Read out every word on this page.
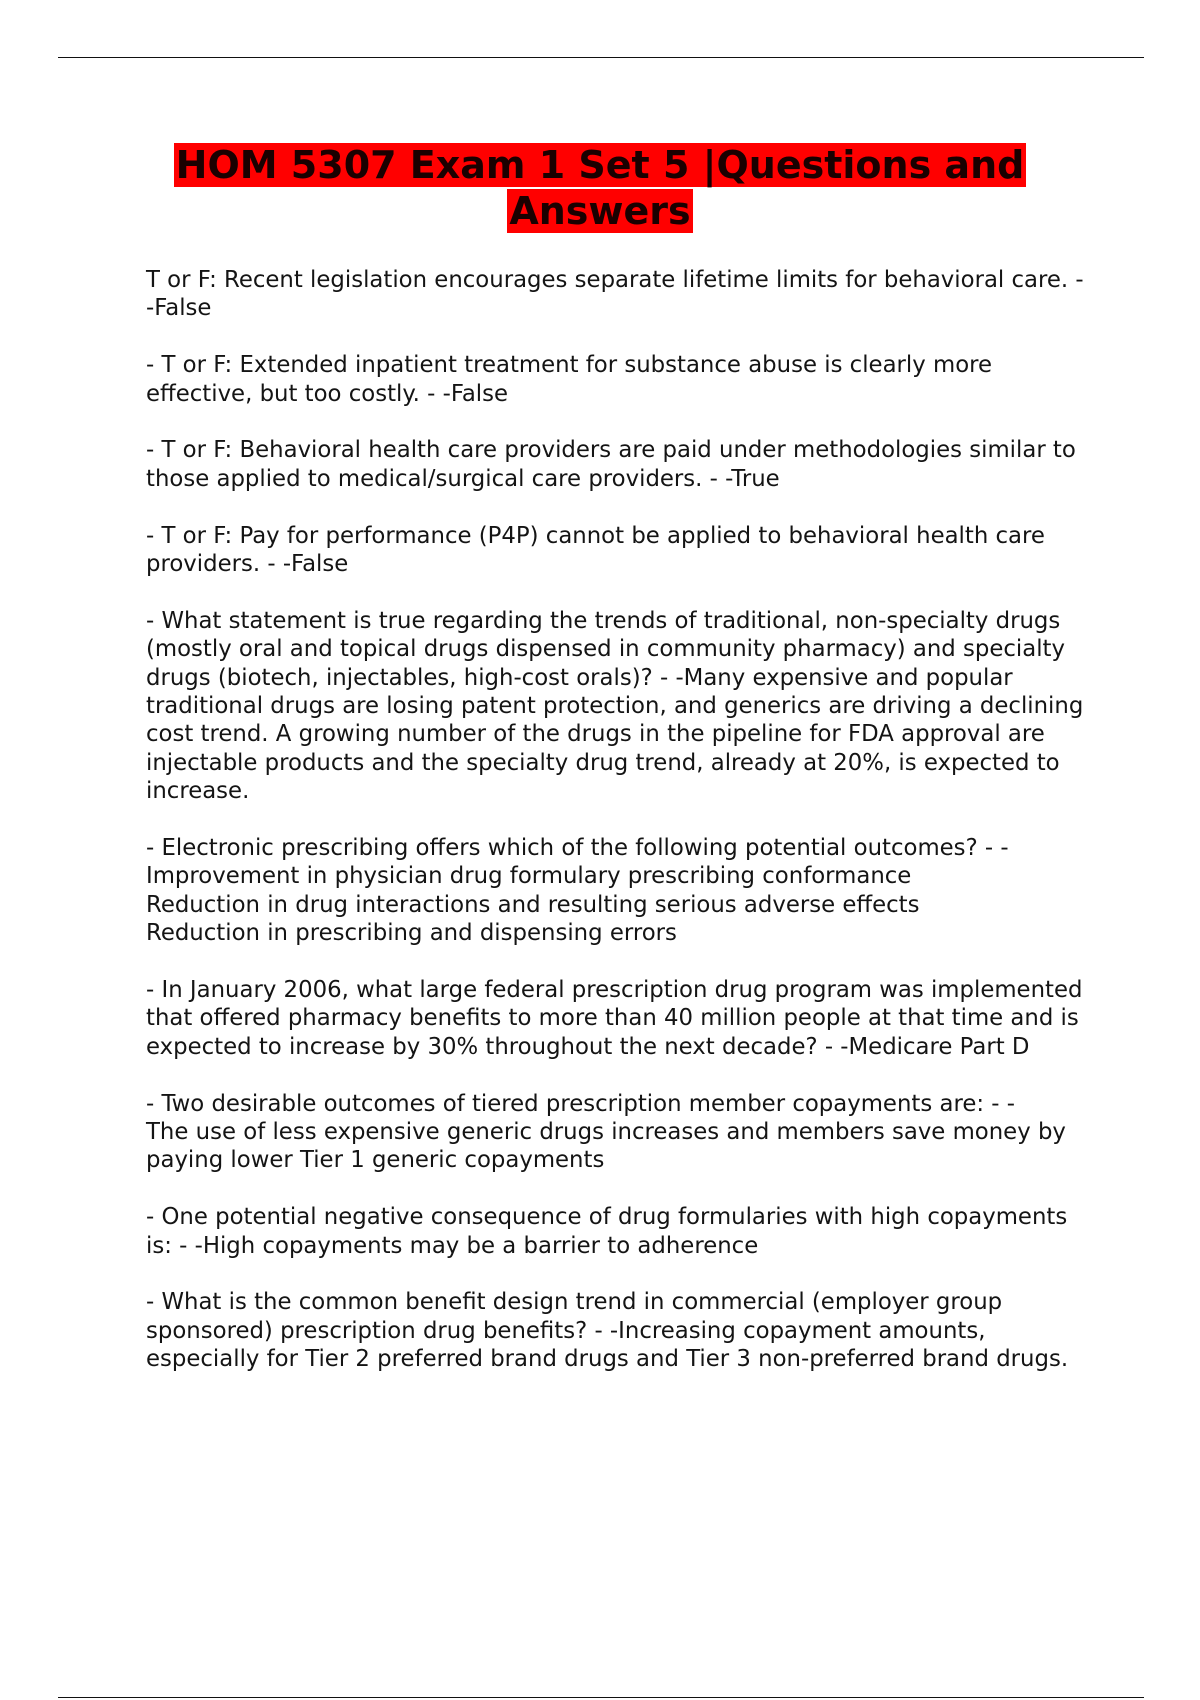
HOM 5307 Exam 1 Set 5 |Questions and Answers
T or F: Recent legislation encourages separate lifetime limits for behavioral care. - -False
- T or F: Extended inpatient treatment for substance abuse is clearly more effective, but too costly. - -False
- T or F: Behavioral health care providers are paid under methodologies similar to those applied to medical/surgical care providers. - -True
- T or F: Pay for performance (P4P) cannot be applied to behavioral health care providers. - -False
- What statement is true regarding the trends of traditional, non-specialty drugs (mostly oral and topical drugs dispensed in community pharmacy) and specialty drugs (biotech, injectables, high-cost orals)? - -Many expensive and popular traditional drugs are losing patent protection, and generics are driving a declining cost trend. A growing number of the drugs in the pipeline for FDA approval are injectable products and the specialty drug trend, already at 20%, is expected to increase.
- Electronic prescribing offers which of the following potential outcomes? - -
Improvement in physician drug formulary prescribing conformance
Reduction in drug interactions and resulting serious adverse effects
Reduction in prescribing and dispensing errors
- In January 2006, what large federal prescription drug program was implemented that offered pharmacy benefits to more than 40 million people at that time and is expected to increase by 30% throughout the next decade? - -Medicare Part D
- Two desirable outcomes of tiered prescription member copayments are: - -
The use of less expensive generic drugs increases and members save money by paying lower Tier 1 generic copayments
- One potential negative consequence of drug formularies with high copayments is: - -High copayments may be a barrier to adherence
- What is the common benefit design trend in commercial (employer group sponsored) prescription drug benefits? - -Increasing copayment amounts, especially for Tier 2 preferred brand drugs and Tier 3 non-preferred brand drugs.
